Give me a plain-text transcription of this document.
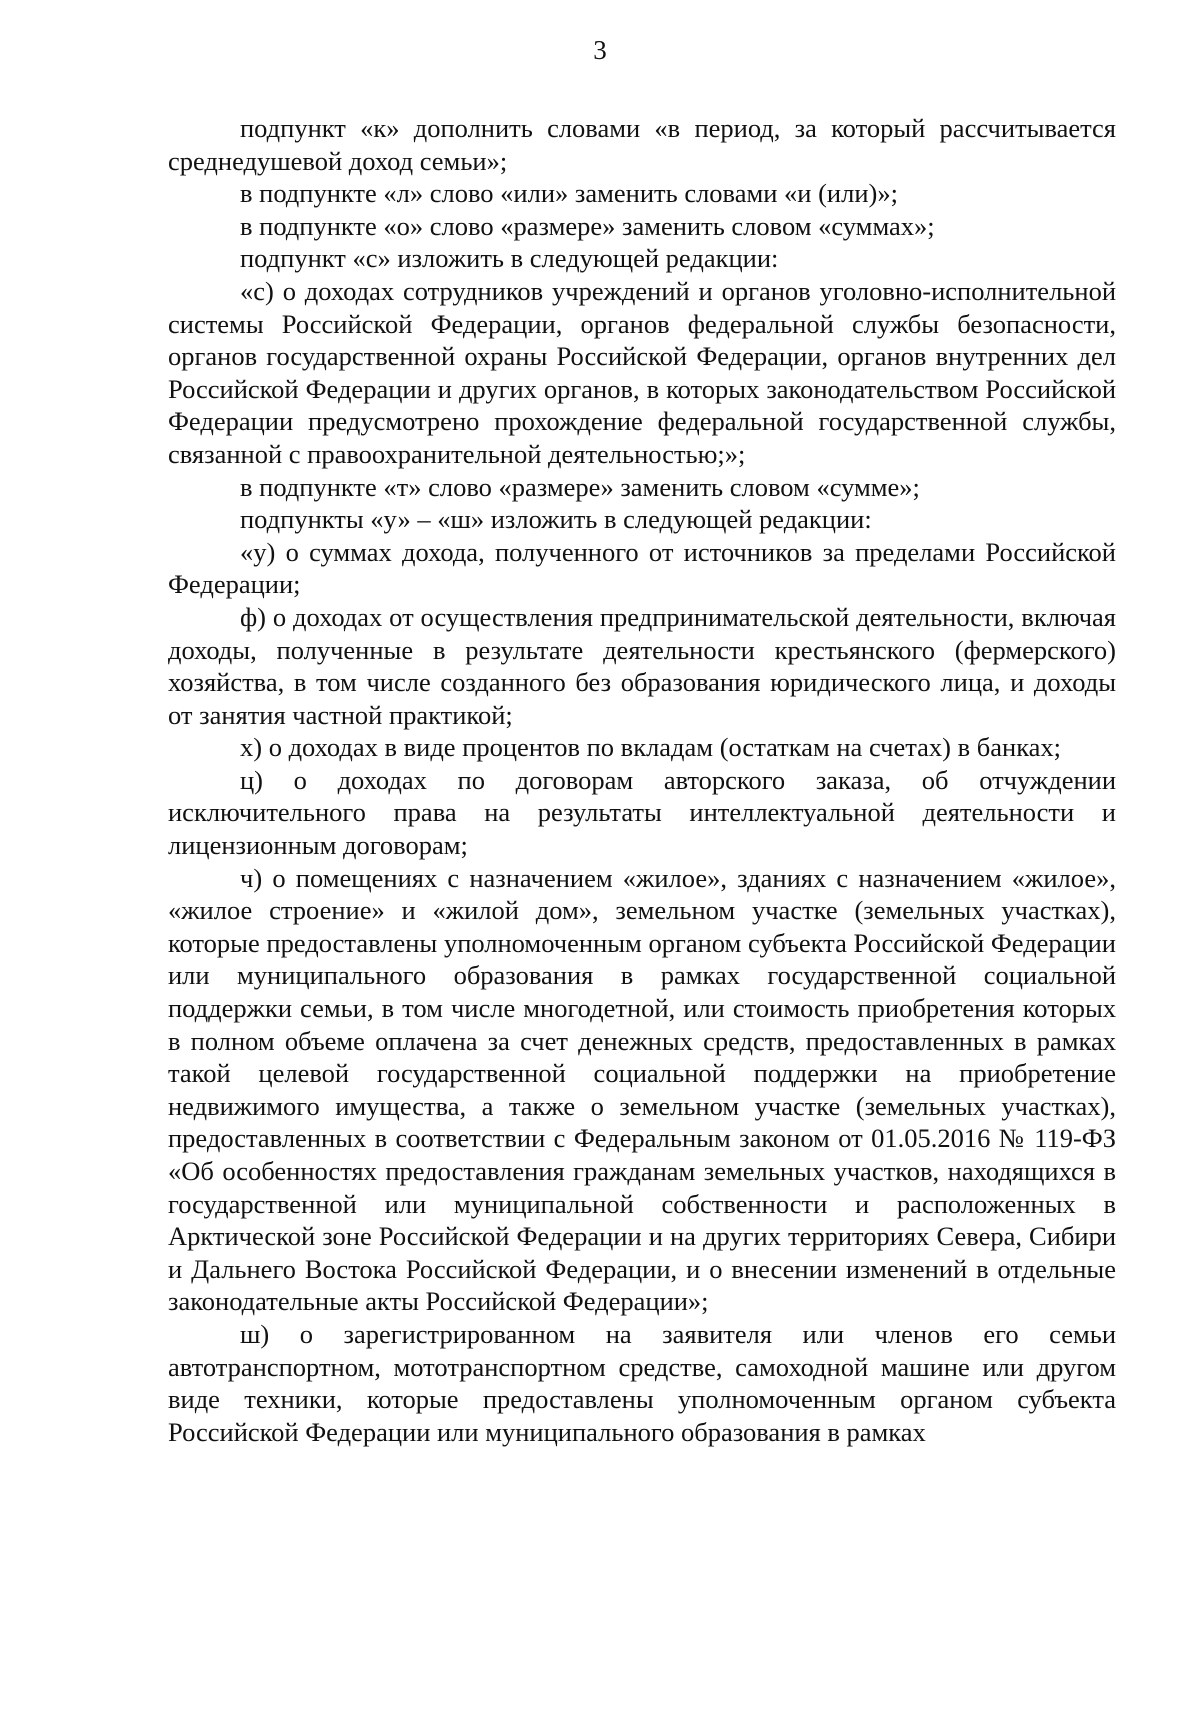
3

подпункт «к» дополнить словами «в период, за который рассчитывается среднедушевой доход семьи»;

в подпункте «л» слово «или» заменить словами «и (или)»;

в подпункте «о» слово «размере» заменить словом «суммах»;

подпункт «с» изложить в следующей редакции:

«с) о доходах сотрудников учреждений и органов уголовно-исполнительной системы Российской Федерации, органов федеральной службы безопасности, органов государственной охраны Российской Федерации, органов внутренних дел Российской Федерации и других органов, в которых законодательством Российской Федерации предусмотрено прохождение федеральной государственной службы, связанной с правоохранительной деятельностью;»;

в подпункте «т» слово «размере» заменить словом «сумме»;

подпункты «у» – «ш» изложить в следующей редакции:

«у) о суммах дохода, полученного от источников за пределами Российской Федерации;

ф) о доходах от осуществления предпринимательской деятельности, включая доходы, полученные в результате деятельности крестьянского (фермерского) хозяйства, в том числе созданного без образования юридического лица, и доходы от занятия частной практикой;

х) о доходах в виде процентов по вкладам (остаткам на счетах) в банках;

ц) о доходах по договорам авторского заказа, об отчуждении исключительного права на результаты интеллектуальной деятельности и лицензионным договорам;

ч) о помещениях с назначением «жилое», зданиях с назначением «жилое», «жилое строение» и «жилой дом», земельном участке (земельных участках), которые предоставлены уполномоченным органом субъекта Российской Федерации или муниципального образования в рамках государственной социальной поддержки семьи, в том числе многодетной, или стоимость приобретения которых в полном объеме оплачена за счет денежных средств, предоставленных в рамках такой целевой государственной социальной поддержки на приобретение недвижимого имущества, а также о земельном участке (земельных участках), предоставленных в соответствии с Федеральным законом от 01.05.2016 № 119-ФЗ «Об особенностях предоставления гражданам земельных участков, находящихся в государственной или муниципальной собственности и расположенных в Арктической зоне Российской Федерации и на других территориях Севера, Сибири и Дальнего Востока Российской Федерации, и о внесении изменений в отдельные законодательные акты Российской Федерации»;

ш) о зарегистрированном на заявителя или членов его семьи автотранспортном, мототранспортном средстве, самоходной машине или другом виде техники, которые предоставлены уполномоченным органом субъекта Российской Федерации или муниципального образования в рамках
